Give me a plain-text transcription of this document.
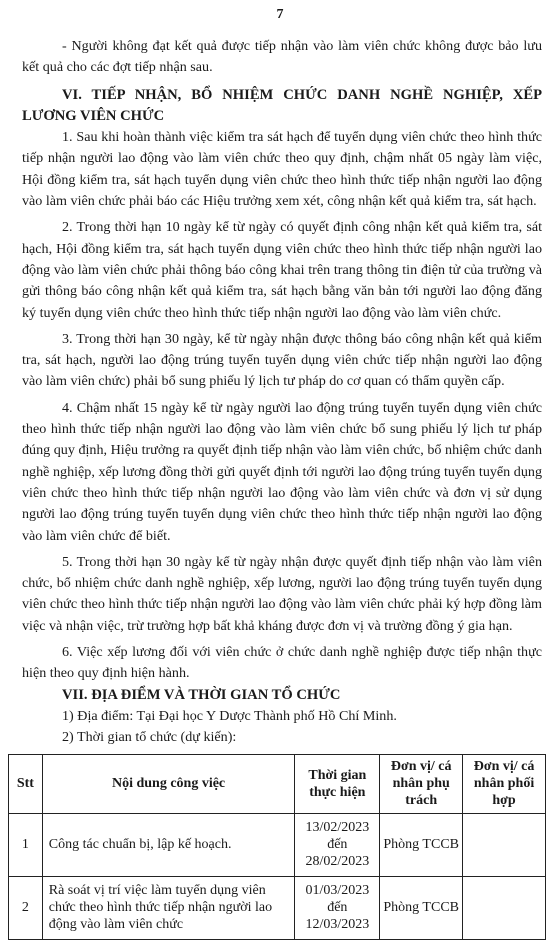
7

- Người không đạt kết quả được tiếp nhận vào làm viên chức không được bảo lưu kết quả cho các đợt tiếp nhận sau.

VI. TIẾP NHẬN, BỔ NHIỆM CHỨC DANH NGHỀ NGHIỆP, XẾP LƯƠNG VIÊN CHỨC

1. Sau khi hoàn thành việc kiểm tra sát hạch để tuyển dụng viên chức theo hình thức tiếp nhận người lao động vào làm viên chức theo quy định, chậm nhất 05 ngày làm việc, Hội đồng kiểm tra, sát hạch tuyển dụng viên chức theo hình thức tiếp nhận người lao động vào làm viên chức phải báo các Hiệu trưởng xem xét, công nhận kết quả kiểm tra, sát hạch.

2. Trong thời hạn 10 ngày kể từ ngày có quyết định công nhận kết quả kiểm tra, sát hạch, Hội đồng kiểm tra, sát hạch tuyển dụng viên chức theo hình thức tiếp nhận người lao động vào làm viên chức phải thông báo công khai trên trang thông tin điện tử của trường và gửi thông báo công nhận kết quả kiểm tra, sát hạch bằng văn bản tới người lao động đăng ký tuyển dụng viên chức theo hình thức tiếp nhận người lao động vào làm viên chức.

3. Trong thời hạn 30 ngày, kể từ ngày nhận được thông báo công nhận kết quả kiểm tra, sát hạch, người lao động trúng tuyển tuyển dụng viên chức tiếp nhận người lao động vào làm viên chức) phải bổ sung phiếu lý lịch tư pháp do cơ quan có thẩm quyền cấp.

4. Chậm nhất 15 ngày kể từ ngày người lao động trúng tuyển tuyển dụng viên chức theo hình thức tiếp nhận người lao động vào làm viên chức bổ sung phiếu lý lịch tư pháp đúng quy định, Hiệu trưởng ra quyết định tiếp nhận vào làm viên chức, bổ nhiệm chức danh nghề nghiệp, xếp lương đồng thời gửi quyết định tới người lao động trúng tuyển tuyển dụng viên chức theo hình thức tiếp nhận người lao động vào làm viên chức và đơn vị sử dụng người lao động trúng tuyển tuyển dụng viên chức theo hình thức tiếp nhận người lao động vào làm viên chức để biết.

5. Trong thời hạn 30 ngày kể từ ngày nhận được quyết định tiếp nhận vào làm viên chức, bổ nhiệm chức danh nghề nghiệp, xếp lương, người lao động trúng tuyển tuyển dụng viên chức theo hình thức tiếp nhận người lao động vào làm viên chức phải ký hợp đồng làm việc và nhận việc, trừ trường hợp bất khả kháng được đơn vị và trường đồng ý gia hạn.

6. Việc xếp lương đối với viên chức ở chức danh nghề nghiệp được tiếp nhận thực hiện theo quy định hiện hành.

VII. ĐỊA ĐIỂM VÀ THỜI GIAN TỔ CHỨC

1) Địa điểm: Tại Đại học Y Dược Thành phố Hồ Chí Minh.

2) Thời gian tổ chức (dự kiến):

Stt	Nội dung công việc	Thời gian thực hiện	Đơn vị/ cá nhân phụ trách	Đơn vị/ cá nhân phối hợp
1	Công tác chuẩn bị, lập kế hoạch.	13/02/2023
đến
28/02/2023	Phòng TCCB	
2	Rà soát vị trí việc làm tuyển dụng viên chức theo hình thức tiếp nhận người lao động vào làm viên chức	01/03/2023
đến
12/03/2023	Phòng TCCB	
